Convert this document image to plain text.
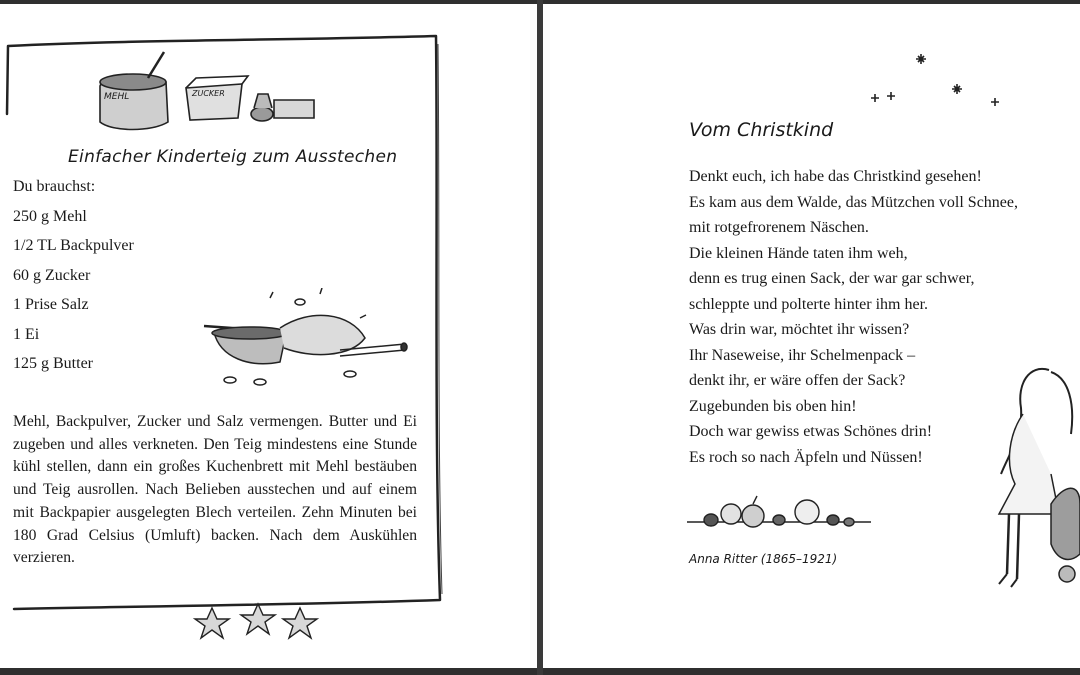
MEHL	ZUCKER
Einfacher Kinderteig zum Ausstechen
Du brauchst:
250 g Mehl
1/2 TL Backpulver
60 g Zucker
1 Prise Salz
1 Ei
125 g Butter
Mehl, Backpulver, Zucker und Salz vermengen. Butter und Ei zugeben und alles verkneten. Den Teig mindestens eine Stunde kühl stellen, dann ein großes Kuchenbrett mit Mehl bestäuben und Teig ausrollen. Nach Belieben ausstechen und auf einem mit Backpapier ausgelegten Blech verteilen. Zehn Minuten bei 180 Grad Celsius (Umluft) backen. Nach dem Auskühlen verzieren.
Vom Christkind
Denkt euch, ich habe das Christkind gesehen!
Es kam aus dem Walde, das Mützchen voll Schnee,
mit rotgefrorenem Näschen.
Die kleinen Hände taten ihm weh,
denn es trug einen Sack, der war gar schwer,
schleppte und polterte hinter ihm her.
Was drin war, möchtet ihr wissen?
Ihr Naseweise, ihr Schelmenpack –
denkt ihr, er wäre offen der Sack?
Zugebunden bis oben hin!
Doch war gewiss etwas Schönes drin!
Es roch so nach Äpfeln und Nüssen!
Anna Ritter (1865–1921)
